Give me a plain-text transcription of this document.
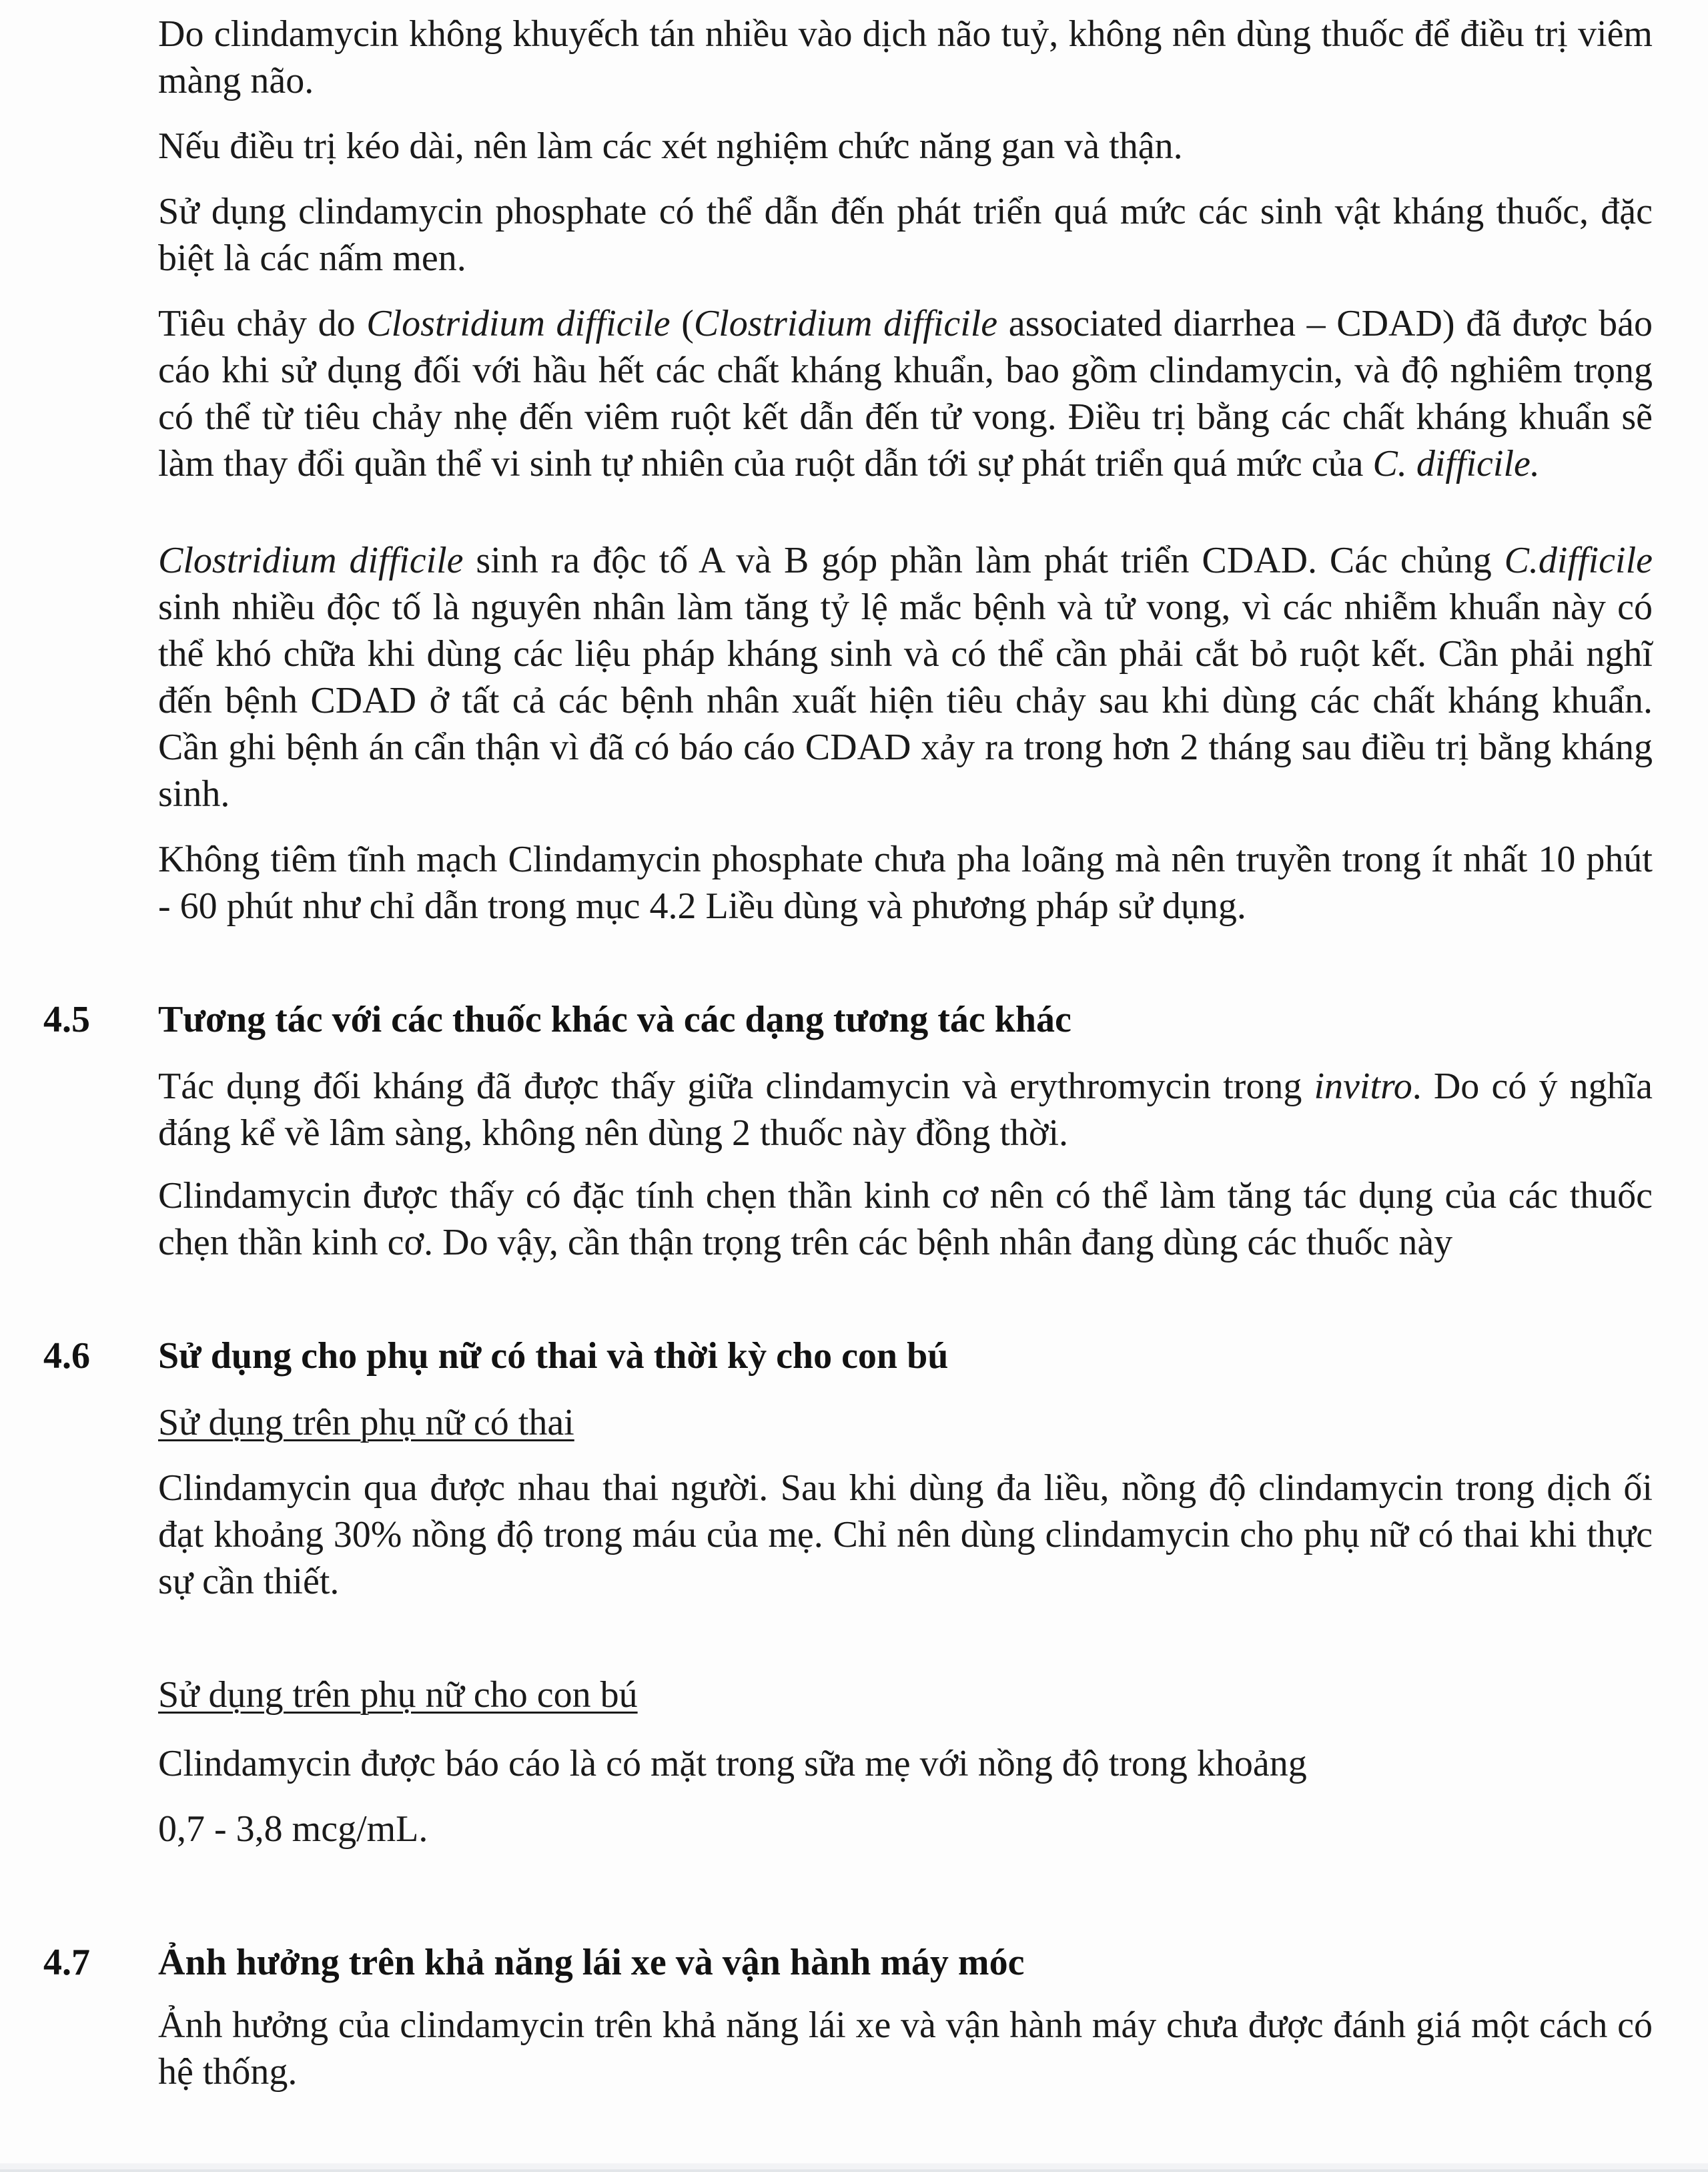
Do clindamycin không khuyếch tán nhiều vào dịch não tuỷ, không nên dùng thuốc để điều trị viêm màng não.

Nếu điều trị kéo dài, nên làm các xét nghiệm chức năng gan và thận.

Sử dụng clindamycin phosphate có thể dẫn đến phát triển quá mức các sinh vật kháng thuốc, đặc biệt là các nấm men.

Tiêu chảy do Clostridium difficile (Clostridium difficile associated diarrhea – CDAD) đã được báo cáo khi sử dụng đối với hầu hết các chất kháng khuẩn, bao gồm clindamycin, và độ nghiêm trọng có thể từ tiêu chảy nhẹ đến viêm ruột kết dẫn đến tử vong. Điều trị bằng các chất kháng khuẩn sẽ làm thay đổi quần thể vi sinh tự nhiên của ruột dẫn tới sự phát triển quá mức của C. difficile.

Clostridium difficile sinh ra độc tố A và B góp phần làm phát triển CDAD. Các chủng C.difficile sinh nhiều độc tố là nguyên nhân làm tăng tỷ lệ mắc bệnh và tử vong, vì các nhiễm khuẩn này có thể khó chữa khi dùng các liệu pháp kháng sinh và có thể cần phải cắt bỏ ruột kết. Cần phải nghĩ đến bệnh CDAD ở tất cả các bệnh nhân xuất hiện tiêu chảy sau khi dùng các chất kháng khuẩn. Cần ghi bệnh án cẩn thận vì đã có báo cáo CDAD xảy ra trong hơn 2 tháng sau điều trị bằng kháng sinh.

Không tiêm tĩnh mạch Clindamycin phosphate chưa pha loãng mà nên truyền trong ít nhất 10 phút - 60 phút như chỉ dẫn trong mục 4.2 Liều dùng và phương pháp sử dụng.

4.5 Tương tác với các thuốc khác và các dạng tương tác khác

Tác dụng đối kháng đã được thấy giữa clindamycin và erythromycin trong invitro. Do có ý nghĩa đáng kể về lâm sàng, không nên dùng 2 thuốc này đồng thời.

Clindamycin được thấy có đặc tính chẹn thần kinh cơ nên có thể làm tăng tác dụng của các thuốc chẹn thần kinh cơ. Do vậy, cần thận trọng trên các bệnh nhân đang dùng các thuốc này

4.6 Sử dụng cho phụ nữ có thai và thời kỳ cho con bú

Sử dụng trên phụ nữ có thai

Clindamycin qua được nhau thai người. Sau khi dùng đa liều, nồng độ clindamycin trong dịch ối đạt khoảng 30% nồng độ trong máu của mẹ. Chỉ nên dùng clindamycin cho phụ nữ có thai khi thực sự cần thiết.

Sử dụng trên phụ nữ cho con bú

Clindamycin được báo cáo là có mặt trong sữa mẹ với nồng độ trong khoảng

0,7 - 3,8 mcg/mL.

4.7 Ảnh hưởng trên khả năng lái xe và vận hành máy móc

Ảnh hưởng của clindamycin trên khả năng lái xe và vận hành máy chưa được đánh giá một cách có hệ thống.
